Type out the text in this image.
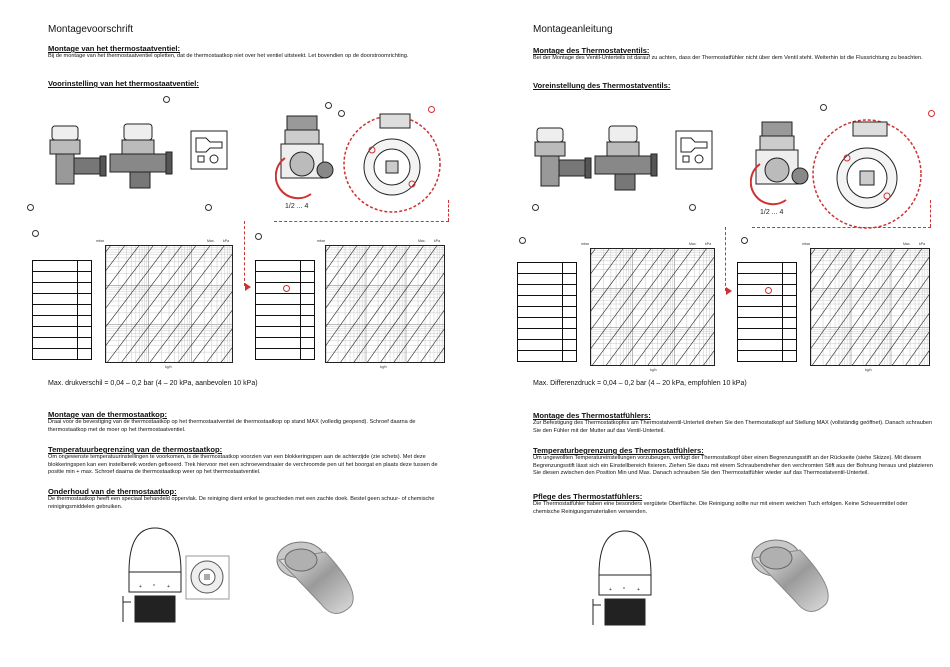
Montagevoorschrift
Montage van het thermostaatventiel:
Bij de montage van het thermostaatventiel opletten, dat de thermostaatkop niet over het ventiel uitsteekt. Let bovendien op de doorstroomrichting.
Voorinstelling van het thermostaatventiel:
1/2 ... 4
mbar	Max. kPa
kg/h
mbar	Max. kPa
kg/h
Max. drukverschil = 0,04 – 0,2 bar (4 – 20 kPa, aanbevolen 10 kPa)
Montage van de thermostaatkop:
Draai voor de bevestiging van de thermostaatkop op het thermostaatventiel de thermostaatkop op stand MAX (volledig geopend). Schroef daarna de thermostaatkop met de moer op het thermostaatventiel.
Temperatuurbegrenzing van de thermostaatkop:
Om ongewenste temperatuurinstellingen te voorkomen, is de thermostaatkop voorzien van een blokkeringspen aan de achterzijde (zie schets). Met deze blokkeringspen kan een instelbereik worden gefixeerd. Trek hiervoor met een schroevendraaier de verchroomde pen uit het boorgat en plaats deze tussen de positie min + max. Schroef daarna de thermostaatkop weer op het thermostaatventiel.
Onderhoud van de thermostaatkop:
De thermostaatkop heeft een speciaal behandeld oppervlak. De reiniging dient enkel te geschieden met een zachte doek. Bestel geen schuur- of chemische reinigingsmiddelen gebruiken.
+ * +
Montageanleitung
Montage des Thermostatventils:
Bei der Montage des Ventil-Unterteils ist darauf zu achten, dass der Thermostatfühler nicht über dem Ventil steht. Weiterhin ist die Flussrichtung zu beachten.
Voreinstellung des Thermostatventils:
1/2 ... 4
mbar	Max. kPa
kg/h
mbar	Max. kPa
kg/h
Max. Differenzdruck = 0,04 – 0,2 bar (4 – 20 kPa, empfohlen 10 kPa)
Montage des Thermostatfühlers:
Zur Befestigung des Thermostatkopfes am Thermostatventil-Unterteil drehen Sie den Thermostatkopf auf Stellung MAX (vollständig geöffnet). Danach schrauben Sie den Fühler mit der Mutter auf das Ventil-Unterteil.
Temperaturbegrenzung des Thermostatfühlers:
Um ungewollten Temperatureinstellungen vorzubeugen, verfügt der Thermostatkopf über einen Begrenzungsstift an der Rückseite (siehe Skizze). Mit diesem Begrenzungsstift lässt sich ein Einstellbereich fixieren. Ziehen Sie dazu mit einem Schraubendreher den verchromten Stift aus der Bohrung heraus und platzieren Sie diesen zwischen den Position Min und Max. Danach schrauben Sie den Thermostatfühler wieder auf das Thermostatventil-Unterteil.
Pflege des Thermostatfühlers:
Die Thermostatfühler haben eine besonders vergütete Oberfläche. Die Reinigung sollte nur mit einem weichen Tuch erfolgen. Keine Scheuermittel oder chemische Reinigungsmaterialien verwenden.
+ * +
